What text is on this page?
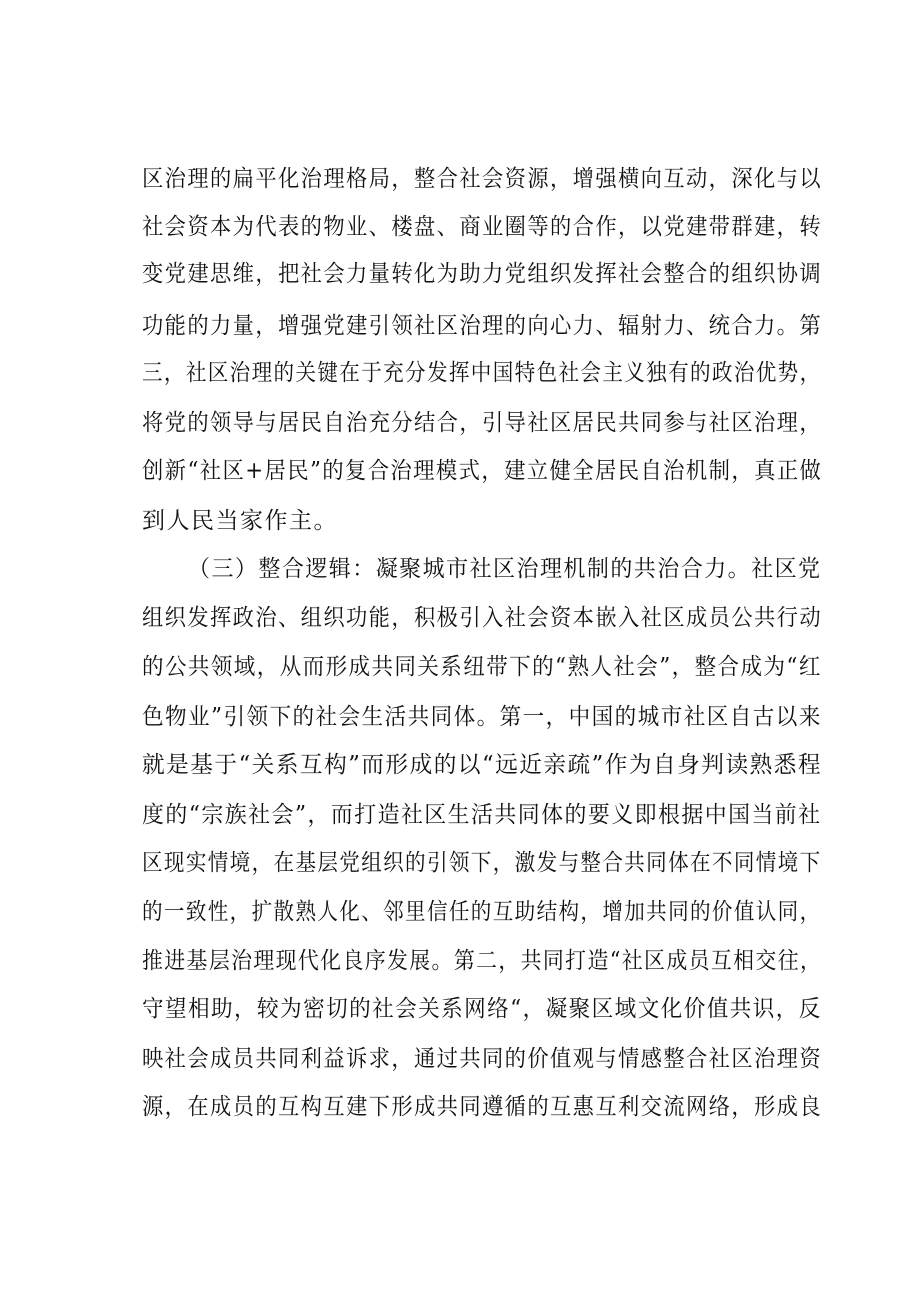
区治理的扁平化治理格局，整合社会资源，增强横向互动，深化与以
社会资本为代表的物业、楼盘、商业圈等的合作，以党建带群建，转
变党建思维，把社会力量转化为助力党组织发挥社会整合的组织协调
功能的力量，增强党建引领社区治理的向心力、辐射力、统合力。第
三，社区治理的关键在于充分发挥中国特色社会主义独有的政治优势，
将党的领导与居民自治充分结合，引导社区居民共同参与社区治理，
创新“社区+居民”的复合治理模式，建立健全居民自治机制，真正做
到人民当家作主。
（三）整合逻辑：凝聚城市社区治理机制的共治合力。社区党
组织发挥政治、组织功能，积极引入社会资本嵌入社区成员公共行动
的公共领域，从而形成共同关系纽带下的“熟人社会”，整合成为“红
色物业”引领下的社会生活共同体。第一，中国的城市社区自古以来
就是基于“关系互构”而形成的以“远近亲疏”作为自身判读熟悉程
度的“宗族社会”，而打造社区生活共同体的要义即根据中国当前社
区现实情境，在基层党组织的引领下，激发与整合共同体在不同情境下
的一致性，扩散熟人化、邻里信任的互助结构，增加共同的价值认同，
推进基层治理现代化良序发展。第二，共同打造“社区成员互相交往，
守望相助，较为密切的社会关系网络“，凝聚区域文化价值共识，反
映社会成员共同利益诉求，通过共同的价值观与情感整合社区治理资
源，在成员的互构互建下形成共同遵循的互惠互利交流网络，形成良
